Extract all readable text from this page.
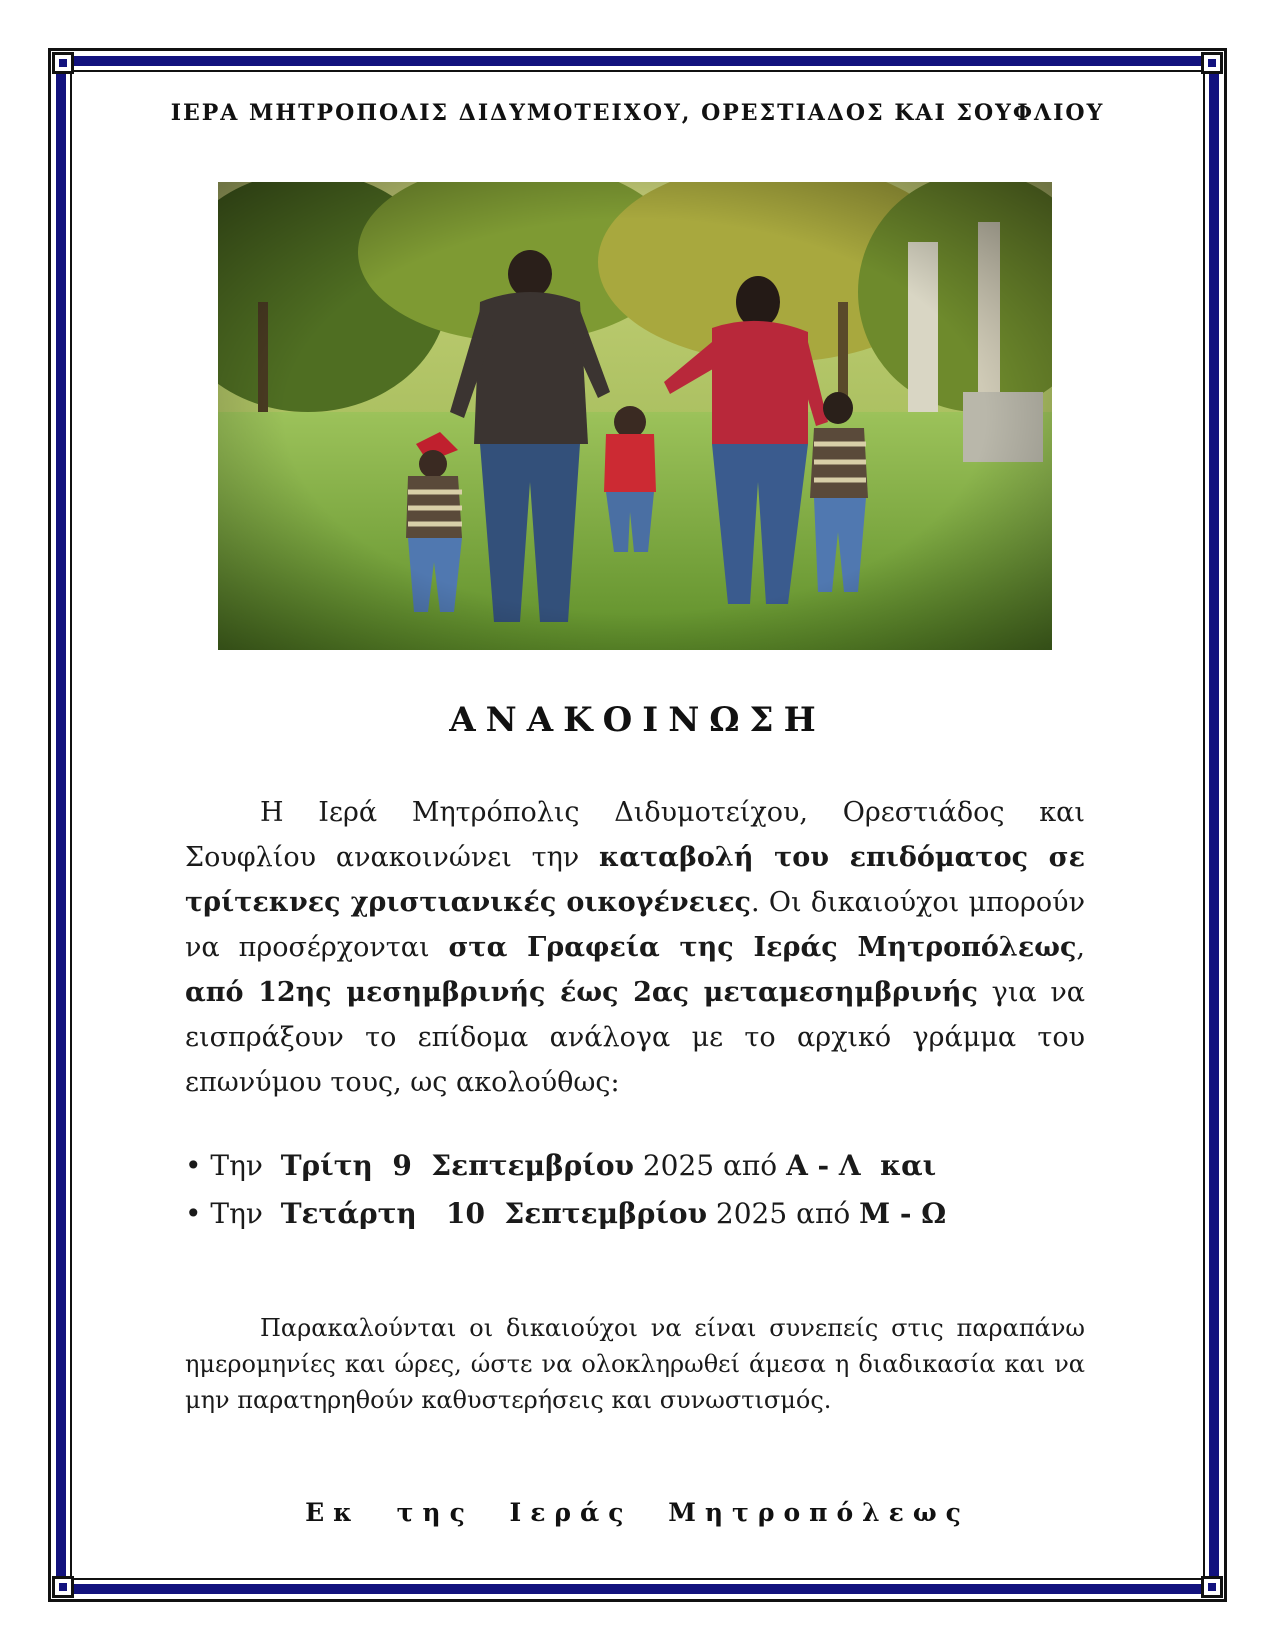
ΙΕΡΑ ΜΗΤΡΟΠΟΛΙΣ ΔΙΔΥΜΟΤΕΙΧΟΥ, ΟΡΕΣΤΙΑΔΟΣ ΚΑΙ ΣΟΥΦΛΙΟΥ
ΑΝΑΚΟΙΝΩΣΗ
Η Ιερά Μητρόπολις Διδυμοτείχου, Ορεστιάδος και Σουφλίου ανακοινώνει την καταβολή του επιδόματος σε τρίτεκνες χριστιανικές οικογένειες. Οι δικαιούχοι μπορούν να προσέρχονται στα Γραφεία της Ιεράς Μητροπόλεως, από 12ης μεσημβρινής έως 2ας μεταμεσημβρινής για να εισπράξουν το επίδομα ανάλογα με το αρχικό γράμμα του επωνύμου τους, ως ακολούθως:
• Την  Τρίτη  9  Σεπτεμβρίου 2025 από Α - Λ  και
• Την  Τετάρτη   10  Σεπτεμβρίου 2025 από Μ - Ω
Παρακαλούνται οι δικαιούχοι να είναι συνεπείς στις παραπάνω ημερομηνίες και ώρες, ώστε να ολοκληρωθεί άμεσα η διαδικασία και να μην παρατηρηθούν καθυστερήσεις και συνωστισμός.
Εκ της Ιεράς Μητροπόλεως
